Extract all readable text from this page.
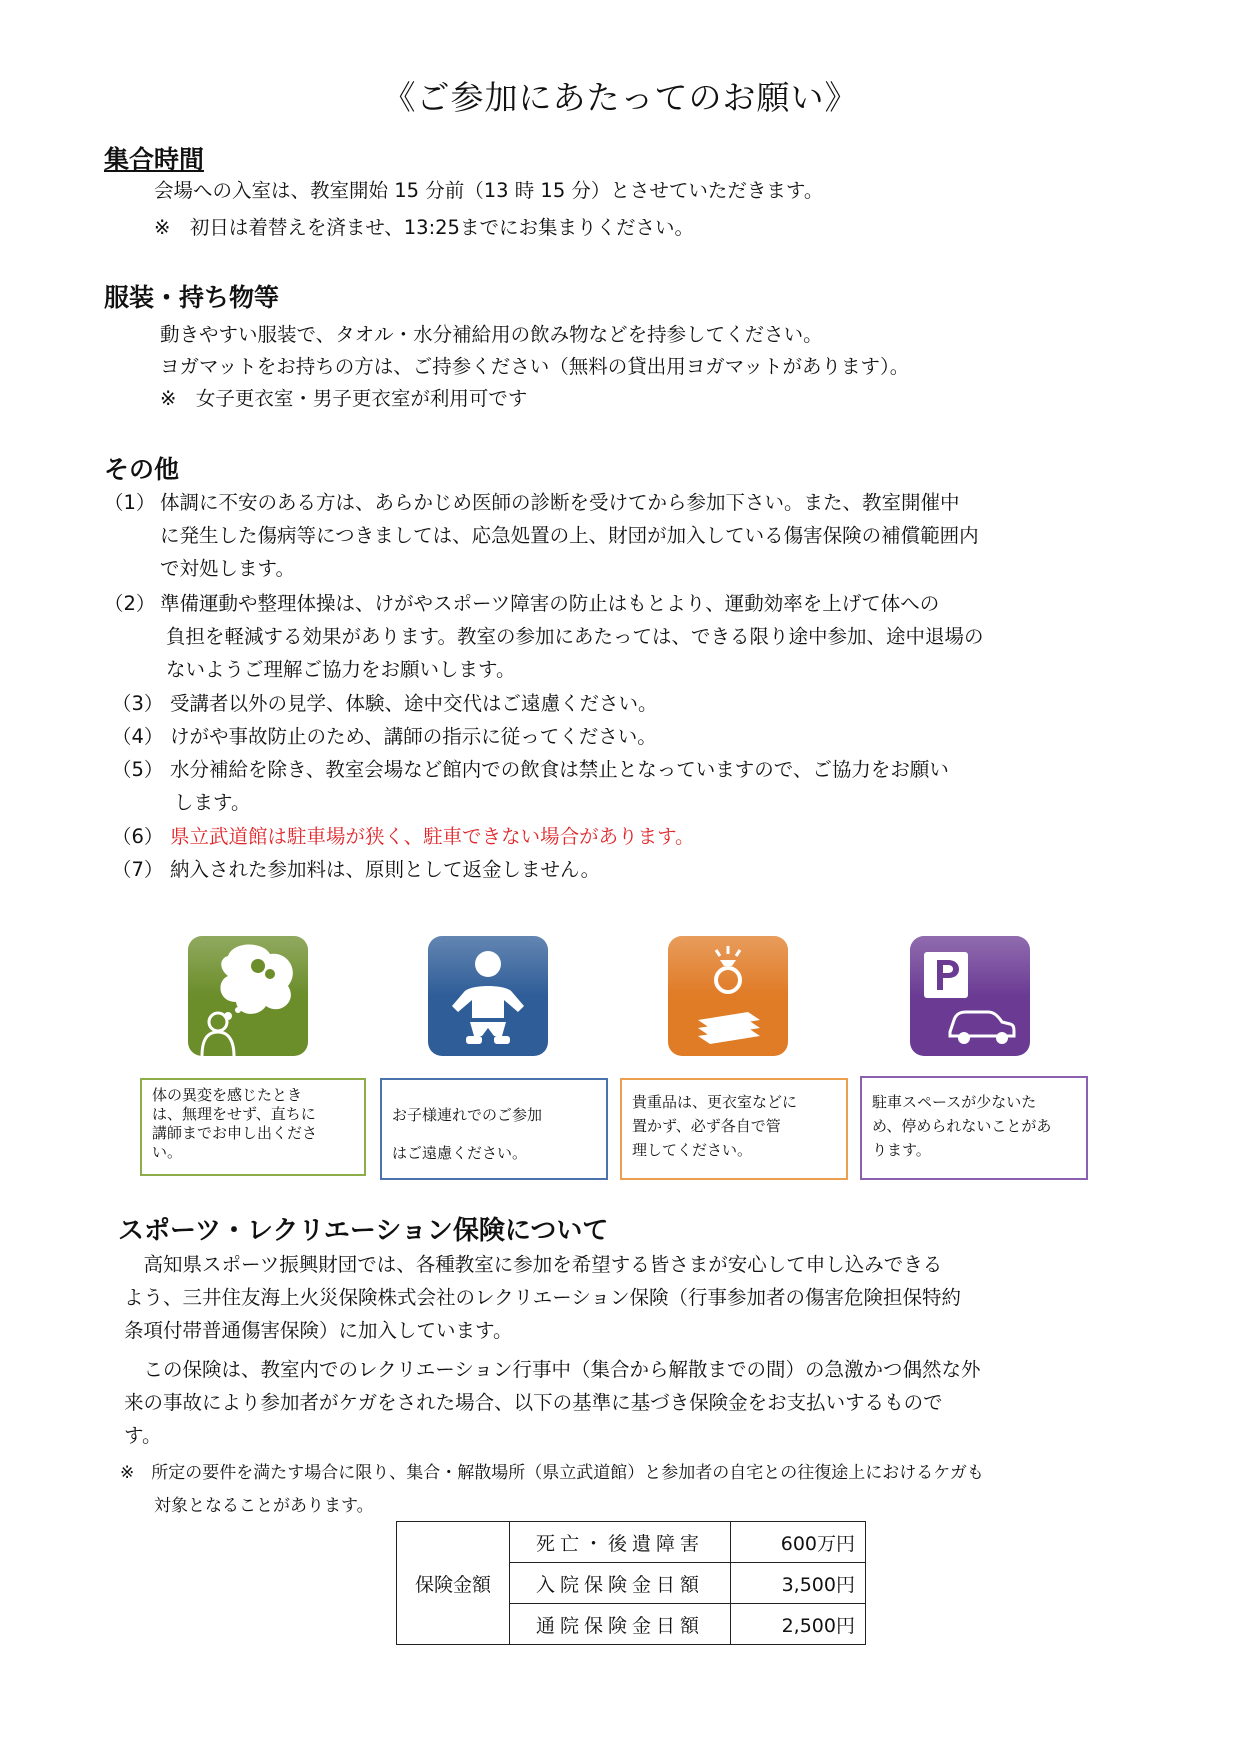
《ご参加にあたってのお願い》
集合時間
会場への入室は、教室開始 15 分前（13 時 15 分）とさせていただきます。
※　初日は着替えを済ませ、13:25までにお集まりください。
服装・持ち物等
動きやすい服装で、タオル・水分補給用の飲み物などを持参してください。
ヨガマットをお持ちの方は、ご持参ください（無料の貸出用ヨガマットがあります）。
※　女子更衣室・男子更衣室が利用可です
その他
（1） 体調に不安のある方は、あらかじめ医師の診断を受けてから参加下さい。また、教室開催中
に発生した傷病等につきましては、応急処置の上、財団が加入している傷害保険の補償範囲内
で対処します。
（2） 準備運動や整理体操は、けがやスポーツ障害の防止はもとより、運動効率を上げて体への
負担を軽減する効果があります。教室の参加にあたっては、できる限り途中参加、途中退場の
ないようご理解ご協力をお願いします。
（3） 受講者以外の見学、体験、途中交代はご遠慮ください。
（4） けがや事故防止のため、講師の指示に従ってください。
（5） 水分補給を除き、教室会場など館内での飲食は禁止となっていますので、ご協力をお願い
します。
（6） 県立武道館は駐車場が狭く、駐車できない場合があります。
（7） 納入された参加料は、原則として返金しません。
体の異変を感じたとき
は、無理をせず、直ちに
講師までお申し出くださ
い。
お子様連れでのご参加
はご遠慮ください。
貴重品は、更衣室などに
置かず、必ず各自で管
理してください。
駐車スペースが少ないた
め、停められないことがあ
ります。
スポーツ・レクリエーション保険について
　高知県スポーツ振興財団では、各種教室に参加を希望する皆さまが安心して申し込みできる
よう、三井住友海上火災保険株式会社のレクリエーション保険（行事参加者の傷害危険担保特約
条項付帯普通傷害保険）に加入しています。
　この保険は、教室内でのレクリエーション行事中（集合から解散までの間）の急激かつ偶然な外
来の事故により参加者がケガをされた場合、以下の基準に基づき保険金をお支払いするもので
す。
※　所定の要件を満たす場合に限り、集合・解散場所（県立武道館）と参加者の自宅との往復途上におけるケガも
　　対象となることがあります。
保険金額	死亡・後遺障害	600万円
	入院保険金日額	3,500円
	通院保険金日額	2,500円
